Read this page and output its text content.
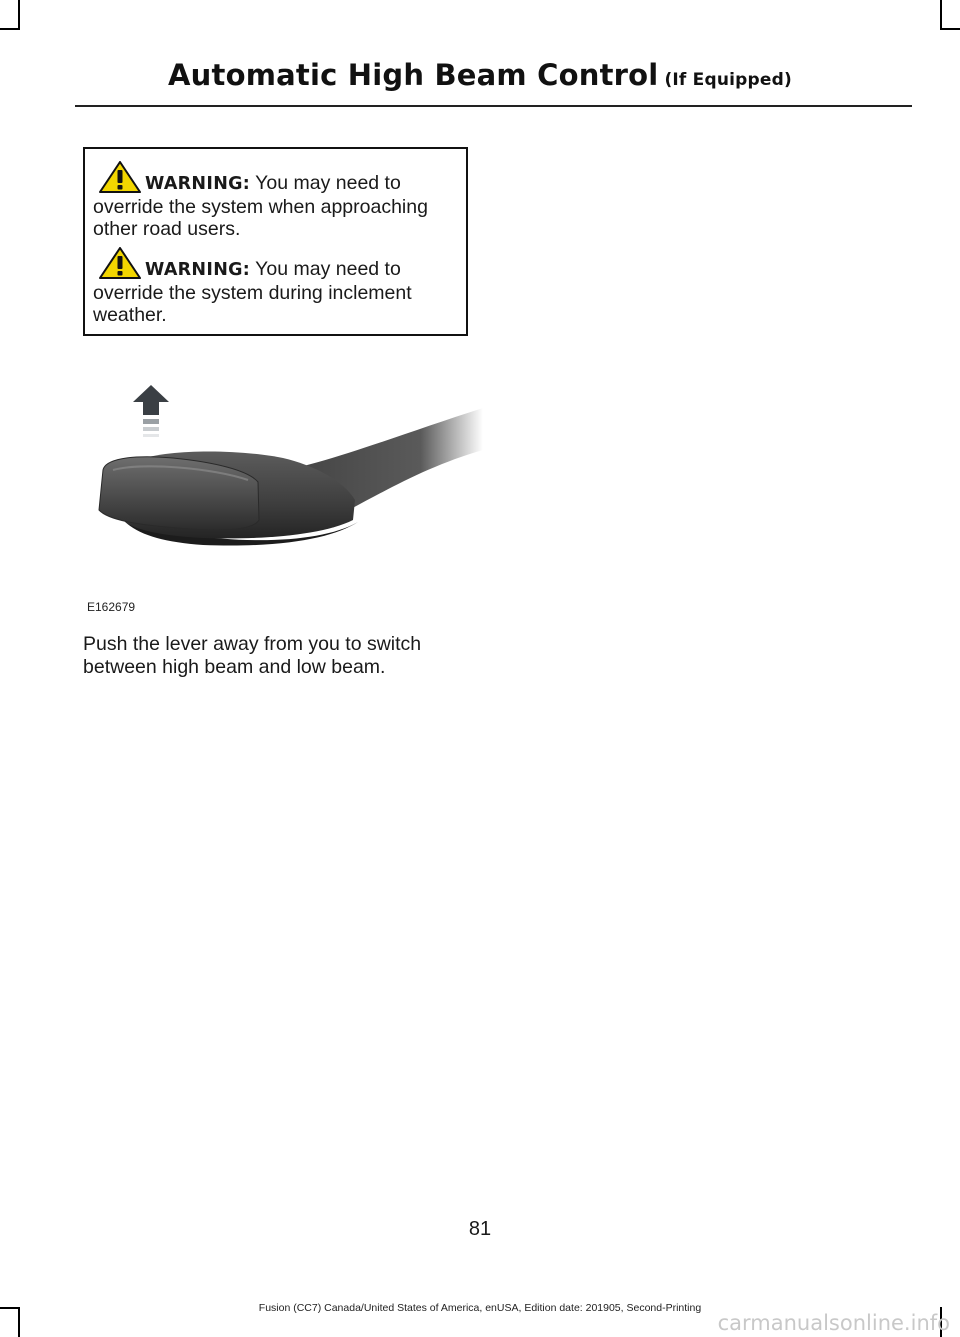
Automatic High Beam Control (If Equipped)
WARNING: You may need to override the system when approaching other road users.
WARNING: You may need to override the system during inclement weather.
E162679
Push the lever away from you to switch between high beam and low beam.
81
Fusion (CC7) Canada/United States of America, enUSA, Edition date: 201905, Second-Printing
carmanualsonline.info
